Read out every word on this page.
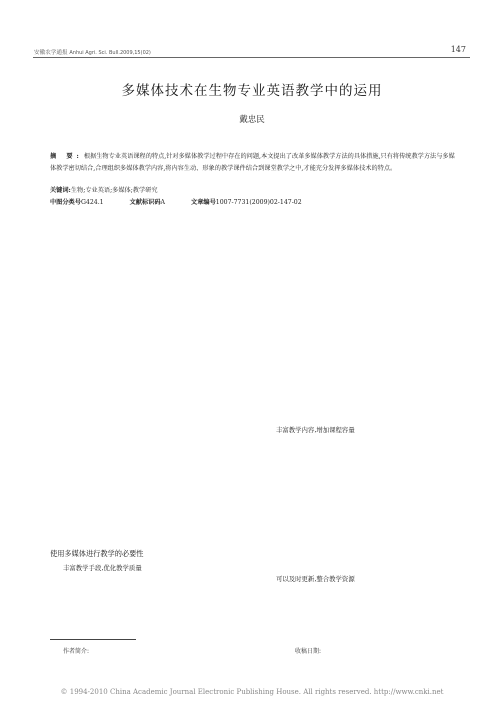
安徽农学通报 Anhui Agri. Sci. Bull.2009,15(02)	147
多媒体技术在生物专业英语教学中的运用
戴忠民
摘 要:根据生物专业英语课程的特点,针对多媒体教学过程中存在的问题,本文提出了改革多媒体教学方法的具体措施,只有将传统教学方法与多媒体教学密切结合,合理组织多媒体教学内容,将内容生动、形象的教学课件结合到课堂教学之中,才能充分发挥多媒体技术的特点。
关键词:生物;专业英语;多媒体;教学研究
中图分类号G424.1	文献标识码A	文章编号1007-7731(2009)02-147-02
丰富教学内容,增加课程容量
使用多媒体进行教学的必要性
丰富教学手段,优化教学质量
可以及时更新,整合教学资源
作者简介:	收稿日期:
© 1994-2010 China Academic Journal Electronic Publishing House. All rights reserved. http://www.cnki.net
